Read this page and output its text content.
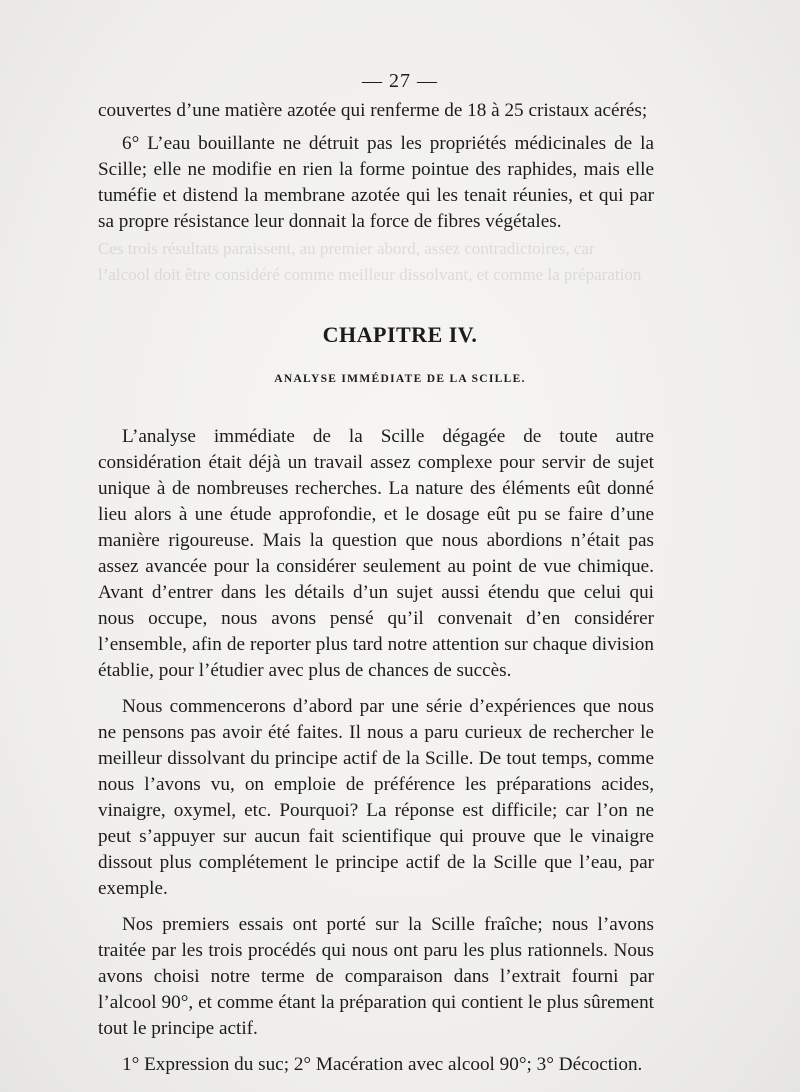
Ces trois résultats paraissent, au premier abord, assez contradictoires, car
l’alcool doit être considéré comme meilleur dissolvant, et comme la préparation
— 27 —

couvertes d’une matière azotée qui renferme de 18 à 25 cristaux acérés;

6° L’eau bouillante ne détruit pas les propriétés médicinales de la Scille; elle ne modifie en rien la forme pointue des raphides, mais elle tuméfie et distend la membrane azotée qui les tenait réunies, et qui par sa propre résistance leur donnait la force de fibres végétales.

CHAPITRE IV.
ANALYSE IMMÉDIATE DE LA SCILLE.

L’analyse immédiate de la Scille dégagée de toute autre considération était déjà un travail assez complexe pour servir de sujet unique à de nombreuses recherches. La nature des éléments eût donné lieu alors à une étude approfondie, et le dosage eût pu se faire d’une manière rigoureuse. Mais la question que nous abordions n’était pas assez avancée pour la considérer seulement au point de vue chimique. Avant d’entrer dans les détails d’un sujet aussi étendu que celui qui nous occupe, nous avons pensé qu’il convenait d’en considérer l’ensemble, afin de reporter plus tard notre attention sur chaque division établie, pour l’étudier avec plus de chances de succès.

Nous commencerons d’abord par une série d’expériences que nous ne pensons pas avoir été faites. Il nous a paru curieux de rechercher le meilleur dissolvant du principe actif de la Scille. De tout temps, comme nous l’avons vu, on emploie de préférence les préparations acides, vinaigre, oxymel, etc. Pourquoi? La réponse est difficile; car l’on ne peut s’appuyer sur aucun fait scientifique qui prouve que le vinaigre dissout plus complétement le principe actif de la Scille que l’eau, par exemple.

Nos premiers essais ont porté sur la Scille fraîche; nous l’avons traitée par les trois procédés qui nous ont paru les plus rationnels. Nous avons choisi notre terme de comparaison dans l’extrait fourni par l’alcool 90°, et comme étant la préparation qui contient le plus sûrement tout le principe actif.

1° Expression du suc; 2° Macération avec alcool 90°; 3° Décoction.
